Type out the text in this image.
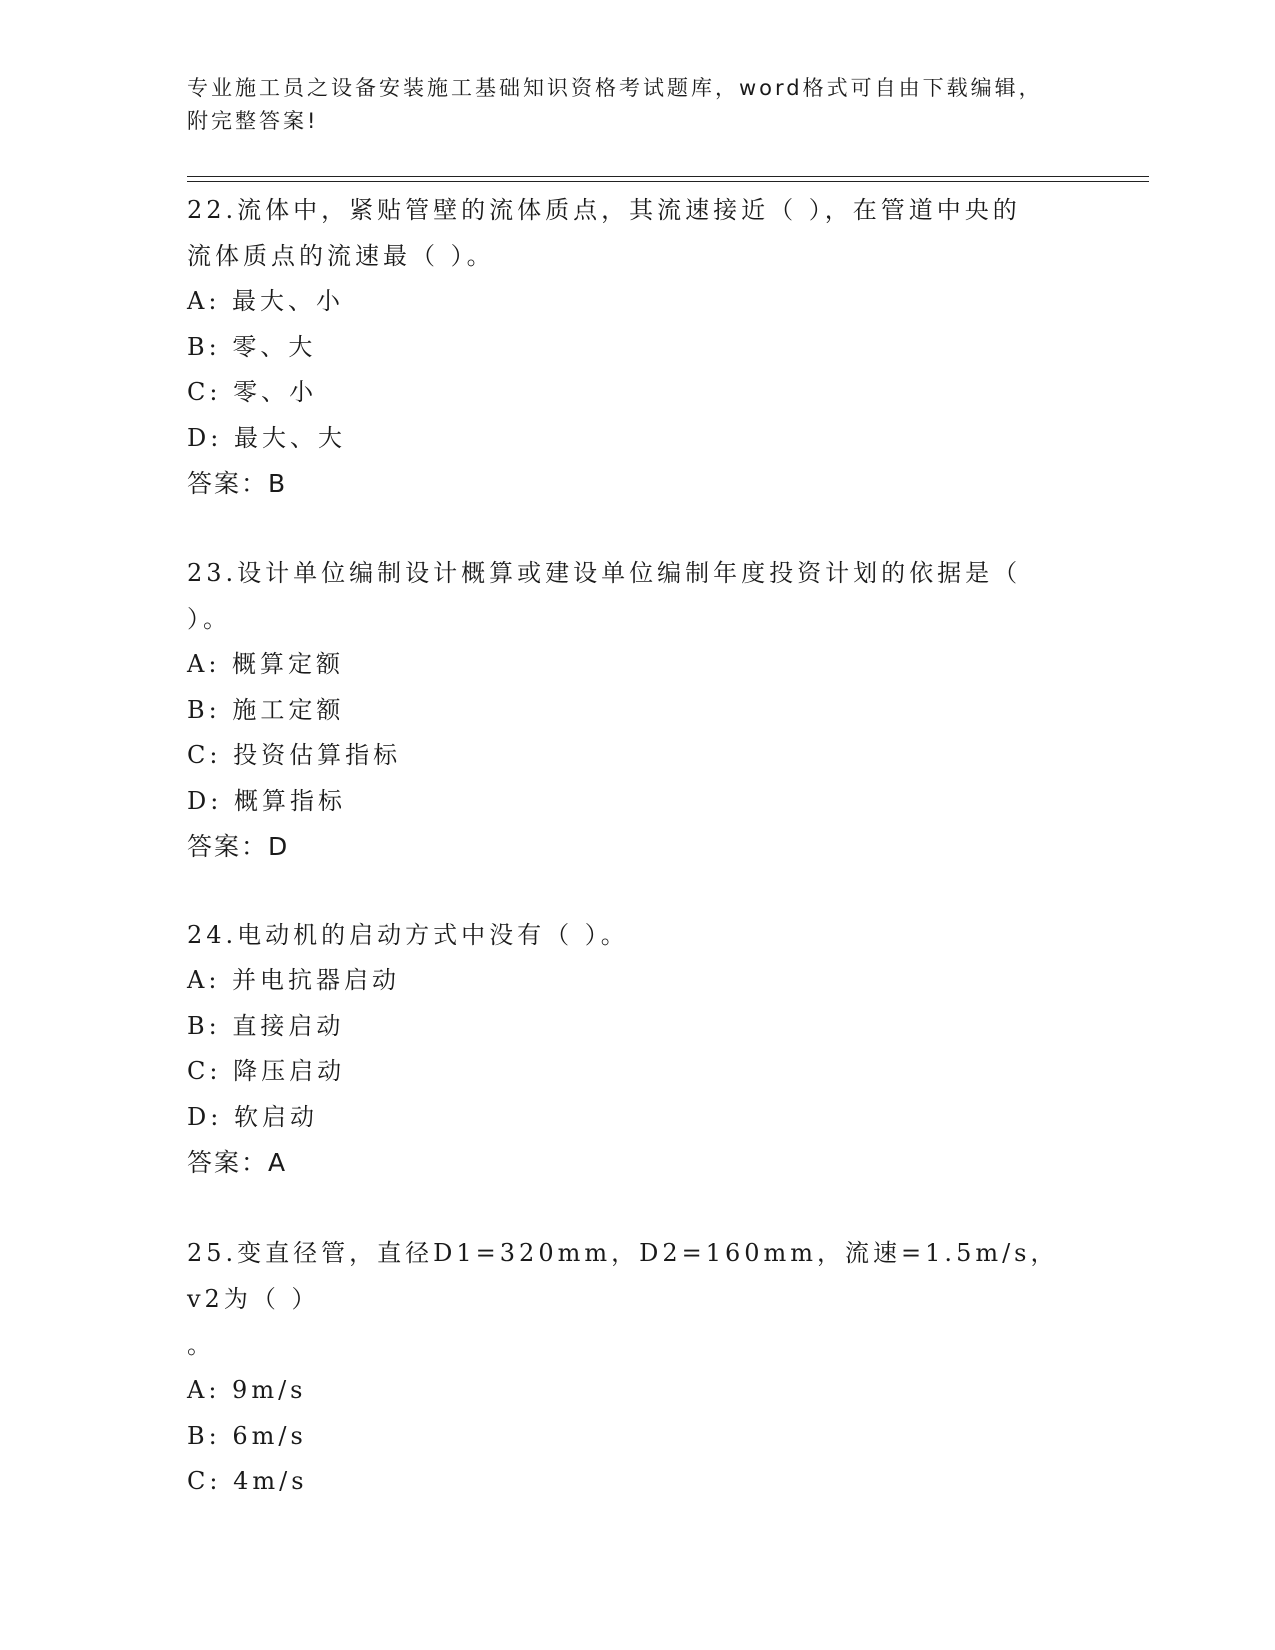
专业施工员之设备安装施工基础知识资格考试题库，word格式可自由下载编辑，
附完整答案!

22.流体中，紧贴管壁的流体质点，其流速接近（ ），在管道中央的

流体质点的流速最（ ）。

A: 最大、小

B: 零、大

C: 零、小

D: 最大、大

答案：B

23.设计单位编制设计概算或建设单位编制年度投资计划的依据是（

）。

A: 概算定额

B: 施工定额

C: 投资估算指标

D: 概算指标

答案：D

24.电动机的启动方式中没有（ ）。

A: 并电抗器启动

B: 直接启动

C: 降压启动

D: 软启动

答案：A

25.变直径管，直径D1=320mm，D2=160mm，流速=1.5m/s，v2为（ ）

。

A: 9m/s

B: 6m/s

C: 4m/s
